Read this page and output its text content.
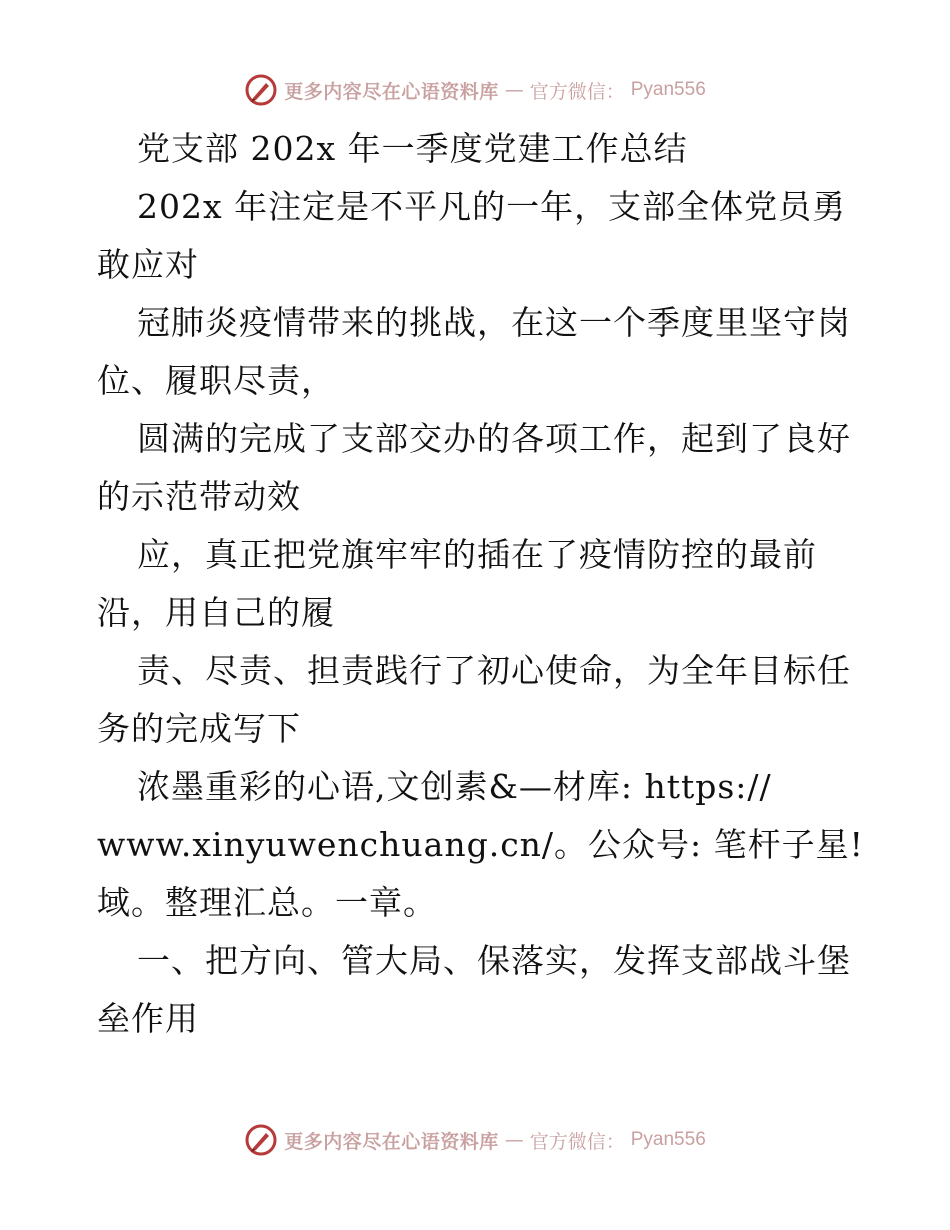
更多内容尽在心语资料库 — 官方微信： Pyan556
党支部 202x 年一季度党建工作总结
202x 年注定是不平凡的一年，支部全体党员勇
敢应对
冠肺炎疫情带来的挑战，在这一个季度里坚守岗
位、履职尽责，
圆满的完成了支部交办的各项工作，起到了良好
的示范带动效
应，真正把党旗牢牢的插在了疫情防控的最前
沿，用自己的履
责、尽责、担责践行了初心使命，为全年目标任
务的完成写下
浓墨重彩的心语,文创素&—材库: https://
www.xinyuwenchuang.cn/。公众号: 笔杆子星!
域。整理汇总。一章。
一、把方向、管大局、保落实，发挥支部战斗堡
垒作用
更多内容尽在心语资料库 — 官方微信： Pyan556
